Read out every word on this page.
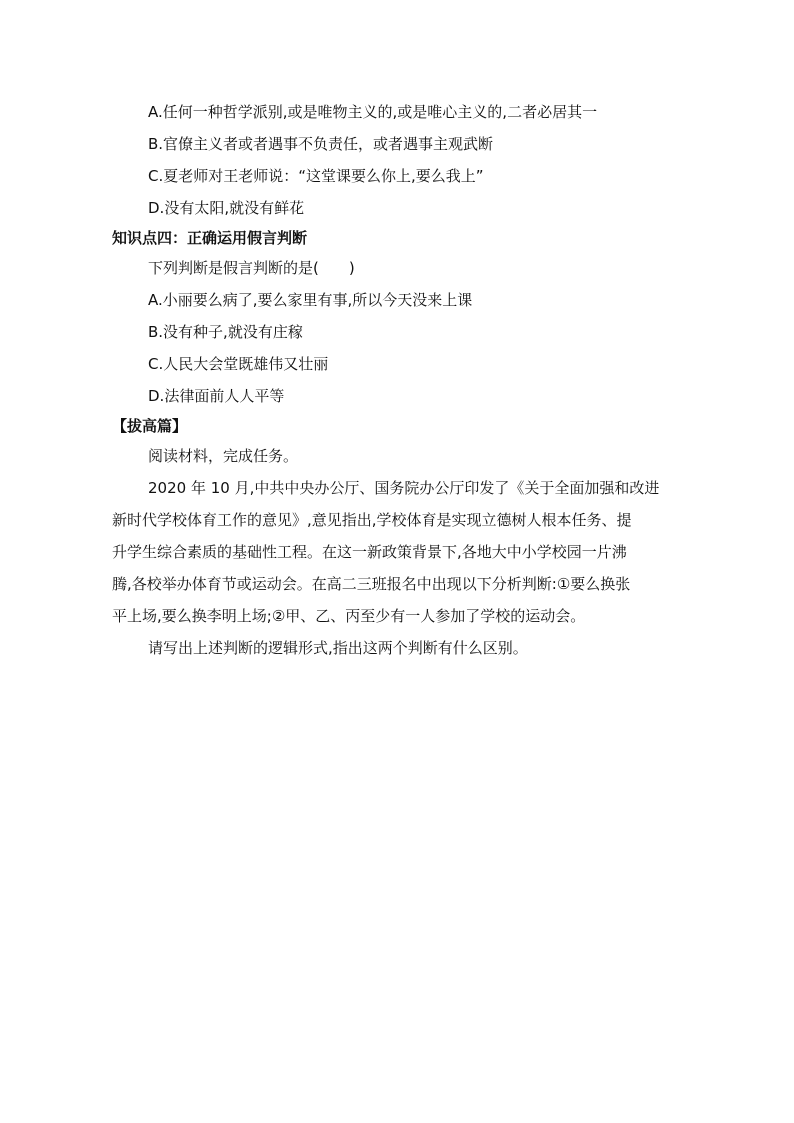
A.任何一种哲学派别,或是唯物主义的,或是唯心主义的,二者必居其一
B.官僚主义者或者遇事不负责任，或者遇事主观武断
C.夏老师对王老师说：“这堂课要么你上,要么我上”
D.没有太阳,就没有鲜花
知识点四：正确运用假言判断
下列判断是假言判断的是(　　)
A.小丽要么病了,要么家里有事,所以今天没来上课
B.没有种子,就没有庄稼
C.人民大会堂既雄伟又壮丽
D.法律面前人人平等
【拔高篇】
阅读材料，完成任务。
2020 年 10 月,中共中央办公厅、国务院办公厅印发了《关于全面加强和改进
新时代学校体育工作的意见》,意见指出,学校体育是实现立德树人根本任务、提
升学生综合素质的基础性工程。在这一新政策背景下,各地大中小学校园一片沸
腾,各校举办体育节或运动会。在高二三班报名中出现以下分析判断:①要么换张
平上场,要么换李明上场;②甲、乙、丙至少有一人参加了学校的运动会。
请写出上述判断的逻辑形式,指出这两个判断有什么区别。
